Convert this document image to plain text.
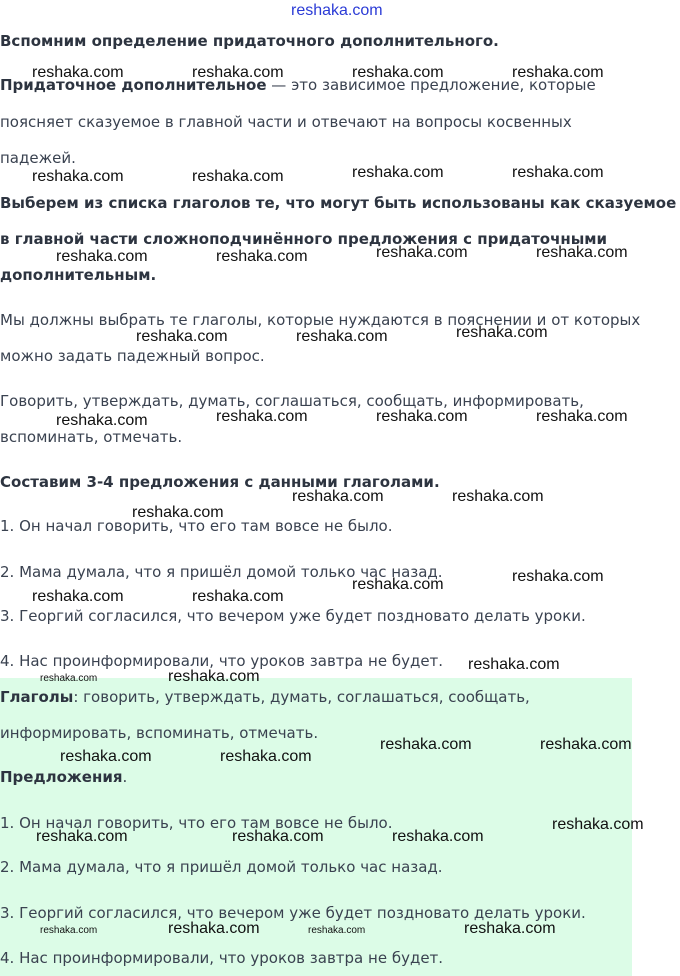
Вспомним определение придаточного дополнительного.
Придаточное дополнительное — это зависимое предложение, которые
поясняет сказуемое в главной части и отвечают на вопросы косвенных
падежей.
Выберем из списка глаголов те, что могут быть использованы как сказуемое
в главной части сложноподчинённого предложения с придаточными
дополнительным.
Мы должны выбрать те глаголы, которые нуждаются в пояснении и от которых
можно задать падежный вопрос.
Говорить, утверждать, думать, соглашаться, сообщать, информировать,
вспоминать, отмечать.
Составим 3-4 предложения с данными глаголами.
1. Он начал говорить, что его там вовсе не было.
2. Мама думала, что я пришёл домой только час назад.
3. Георгий согласился, что вечером уже будет поздновато делать уроки.
4. Нас проинформировали, что уроков завтра не будет.
Глаголы: говорить, утверждать, думать, соглашаться, сообщать,
информировать, вспоминать, отмечать.
Предложения.
1. Он начал говорить, что его там вовсе не было.
2. Мама думала, что я пришёл домой только час назад.
3. Георгий согласился, что вечером уже будет поздновато делать уроки.
4. Нас проинформировали, что уроков завтра не будет.
reshaka.com
reshaka.com	reshaka.com	reshaka.com	reshaka.com
reshaka.com	reshaka.com	reshaka.com	reshaka.com
reshaka.com	reshaka.com	reshaka.com	reshaka.com
reshaka.com	reshaka.com	reshaka.com
reshaka.com	reshaka.com	reshaka.com	reshaka.com
reshaka.com	reshaka.com
reshaka.com
reshaka.com
reshaka.com
reshaka.com	reshaka.com
reshaka.com
reshaka.com
reshaka.com
reshaka.com	reshaka.com
reshaka.com	reshaka.com
reshaka.com
reshaka.com	reshaka.com	reshaka.com
reshaka.com	reshaka.com	reshaka.com	reshaka.com
